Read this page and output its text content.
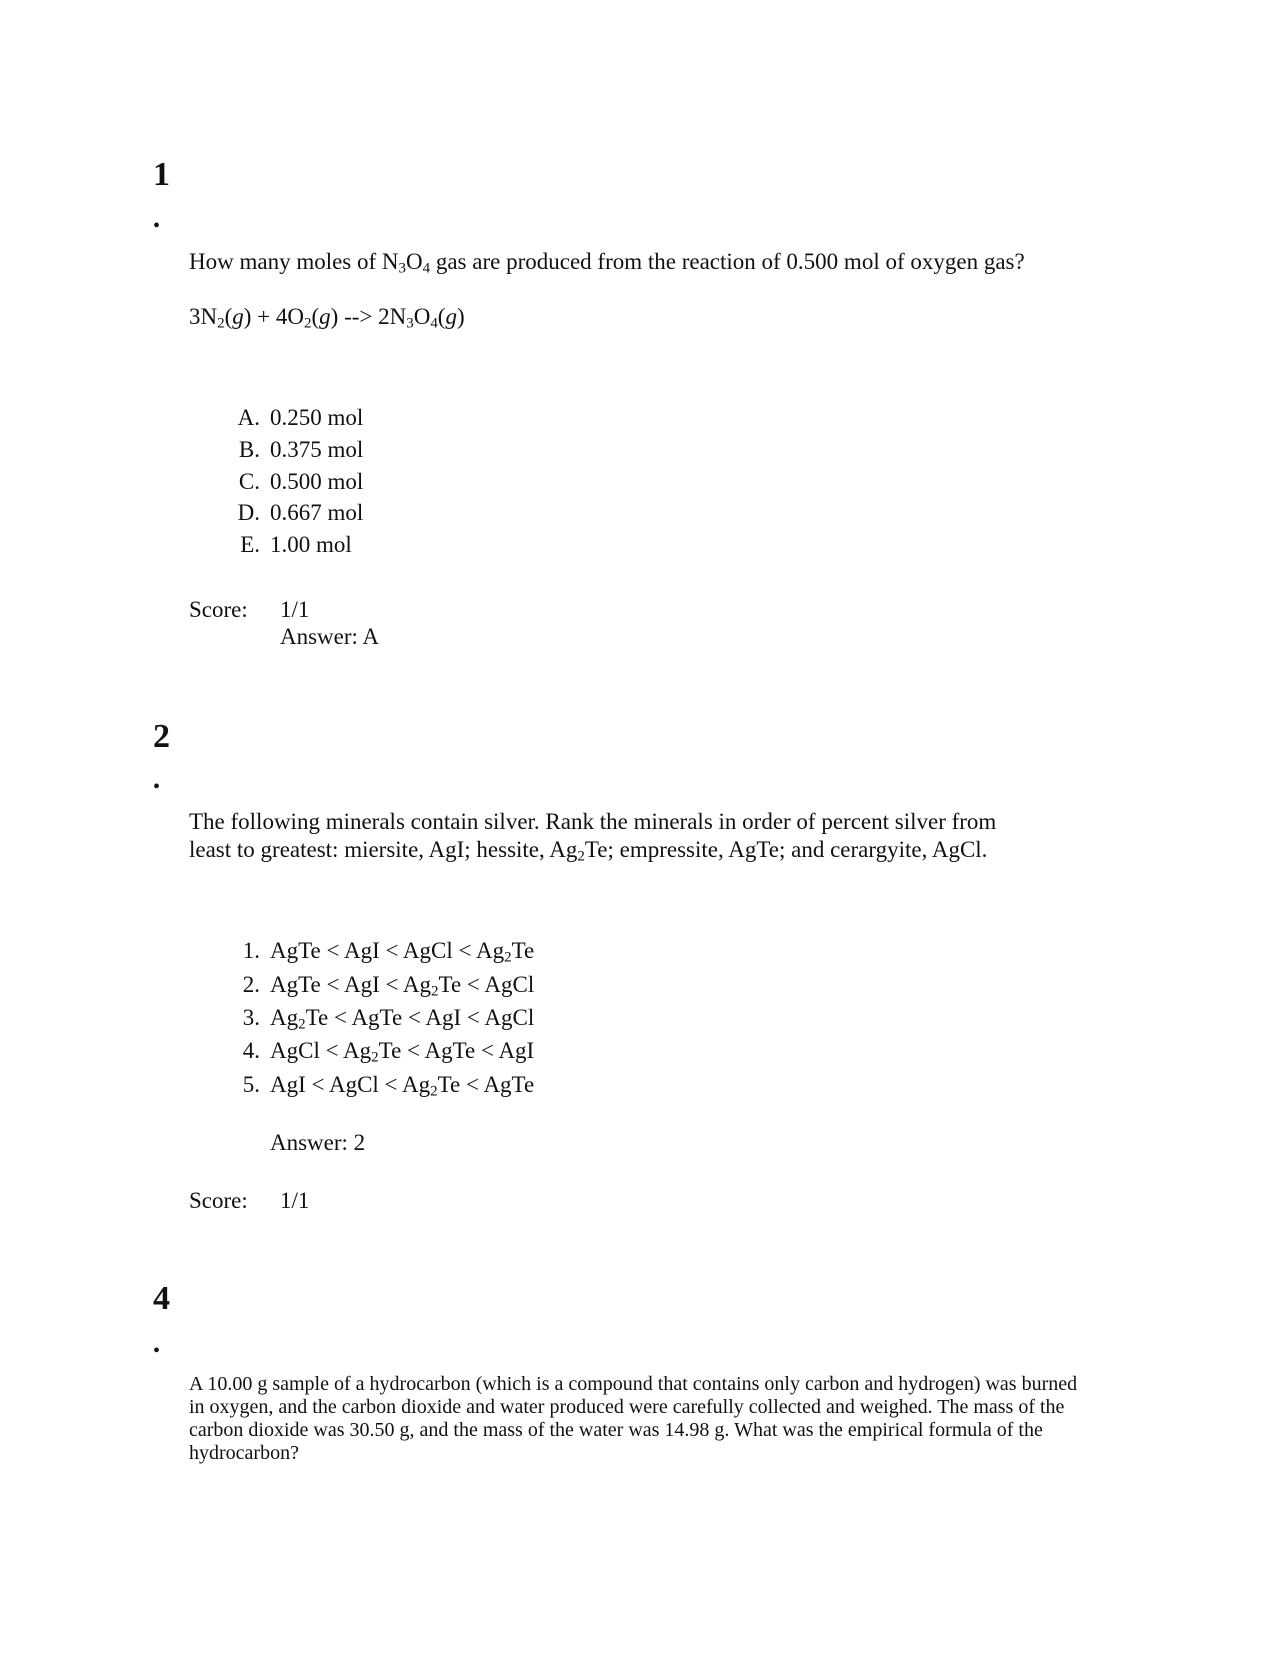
1
•
How many moles of $N_3O_4$ gas are produced from the reaction of 0.500 mol of oxygen gas?
$3N_2(g) + 4O_2(g)$ --> $2N_3O_4(g)$
A. 0.250 mol
B. 0.375 mol
C. 0.500 mol
D. 0.667 mol
E. 1.00 mol
Score: 1/1
Answer: A
2
•
The following minerals contain silver. Rank the minerals in order of percent silver from
least to greatest: miersite, AgI; hessite, $Ag_2Te$; empressite, AgTe; and cerargyite, AgCl.
1. AgTe < AgI < AgCl < $Ag_2Te$
2. AgTe < AgI < $Ag_2Te$ < AgCl
3. $Ag_2Te$ < AgTe < AgI < AgCl
4. AgCl < $Ag_2Te$ < AgTe < AgI
5. AgI < AgCl < $Ag_2Te$ < AgTe
Answer: 2
Score: 1/1
4
•
A 10.00 g sample of a hydrocarbon (which is a compound that contains only carbon and hydrogen) was burned
in oxygen, and the carbon dioxide and water produced were carefully collected and weighed. The mass of the
carbon dioxide was 30.50 g, and the mass of the water was 14.98 g. What was the empirical formula of the
hydrocarbon?
